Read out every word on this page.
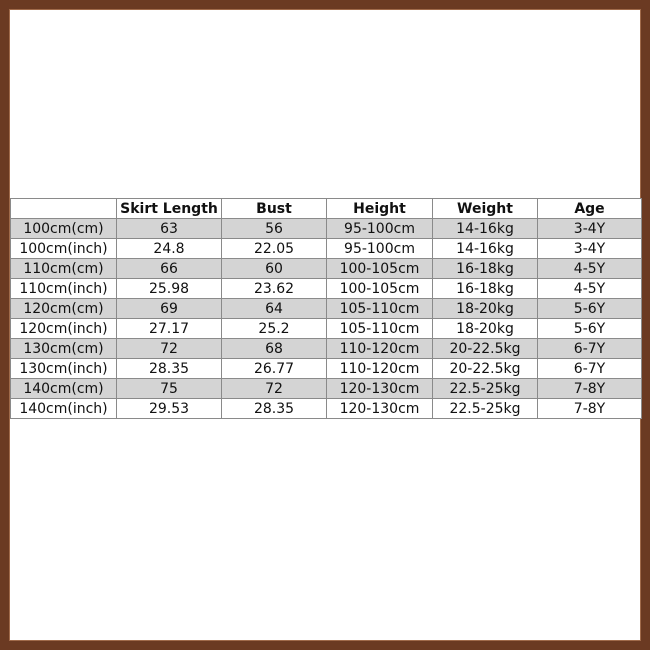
	Skirt Length	Bust	Height	Weight	Age
100cm(cm)	63	56	95-100cm	14-16kg	3-4Y
100cm(inch)	24.8	22.05	95-100cm	14-16kg	3-4Y
110cm(cm)	66	60	100-105cm	16-18kg	4-5Y
110cm(inch)	25.98	23.62	100-105cm	16-18kg	4-5Y
120cm(cm)	69	64	105-110cm	18-20kg	5-6Y
120cm(inch)	27.17	25.2	105-110cm	18-20kg	5-6Y
130cm(cm)	72	68	110-120cm	20-22.5kg	6-7Y
130cm(inch)	28.35	26.77	110-120cm	20-22.5kg	6-7Y
140cm(cm)	75	72	120-130cm	22.5-25kg	7-8Y
140cm(inch)	29.53	28.35	120-130cm	22.5-25kg	7-8Y
